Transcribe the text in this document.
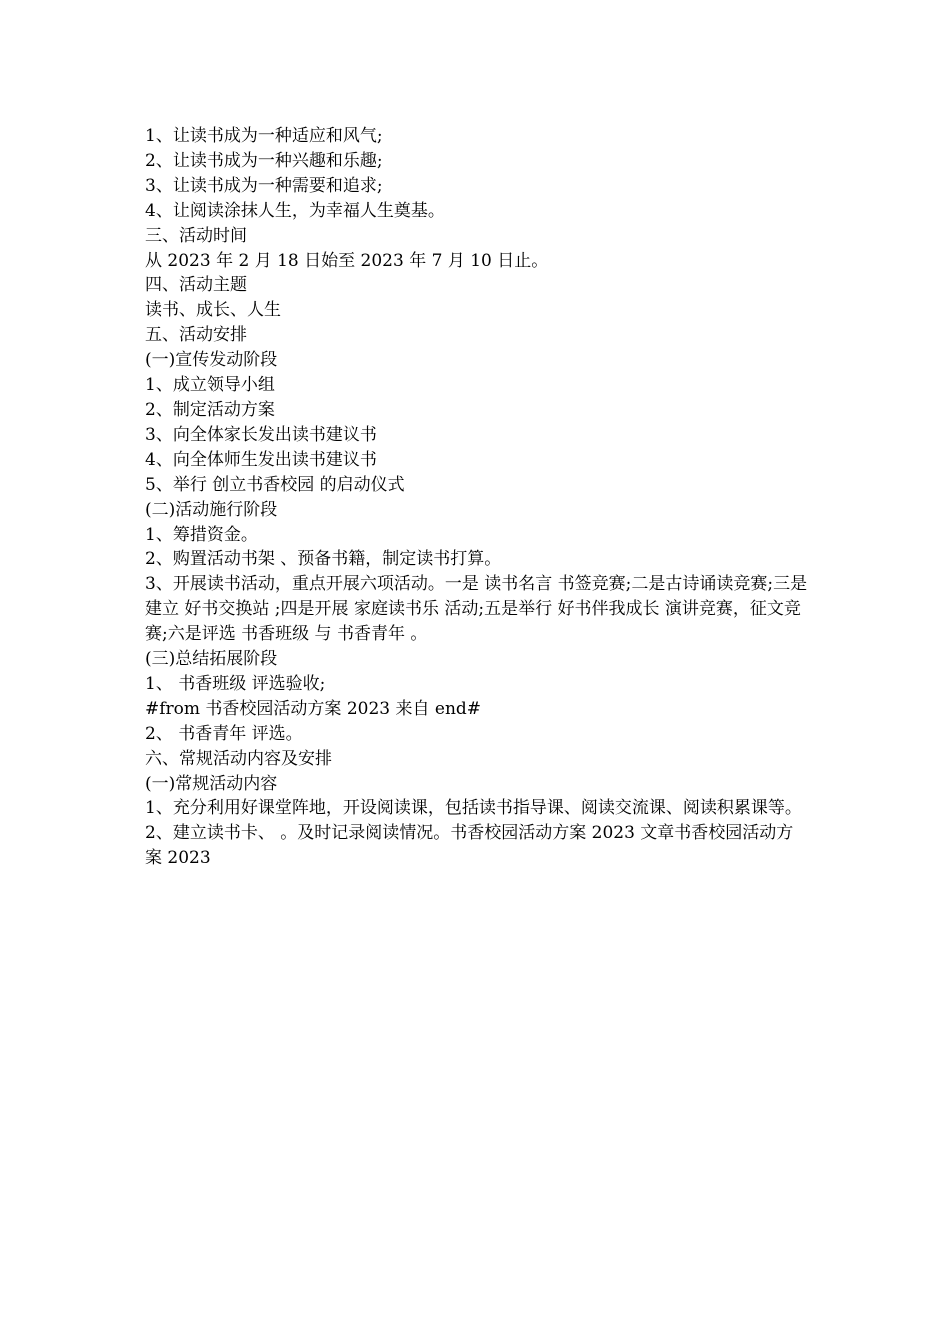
1、让读书成为一种适应和风气;

2、让读书成为一种兴趣和乐趣;

3、让读书成为一种需要和追求;

4、让阅读涂抹人生，为幸福人生奠基。

三、活动时间

从 2023 年 2 月 18 日始至 2023 年 7 月 10 日止。

四、活动主题

读书、成长、人生

五、活动安排

(一)宣传发动阶段

1、成立领导小组

2、制定活动方案

3、向全体家长发出读书建议书

4、向全体师生发出读书建议书

5、举行 创立书香校园 的启动仪式

(二)活动施行阶段

1、筹措资金。

2、购置活动书架 、预备书籍，制定读书打算。

3、开展读书活动，重点开展六项活动。一是 读书名言 书签竞赛;二是古诗诵读竞赛;三是建立 好书交换站 ;四是开展 家庭读书乐 活动;五是举行 好书伴我成长 演讲竞赛，征文竞赛;六是评选 书香班级 与 书香青年 。

(三)总结拓展阶段

1、 书香班级 评选验收;

#from 书香校园活动方案 2023 来自 end#

2、 书香青年 评选。

六、常规活动内容及安排

(一)常规活动内容

1、充分利用好课堂阵地，开设阅读课，包括读书指导课、阅读交流课、阅读积累课等。

2、建立读书卡、 。及时记录阅读情况。书香校园活动方案 2023 文章书香校园活动方案 2023
